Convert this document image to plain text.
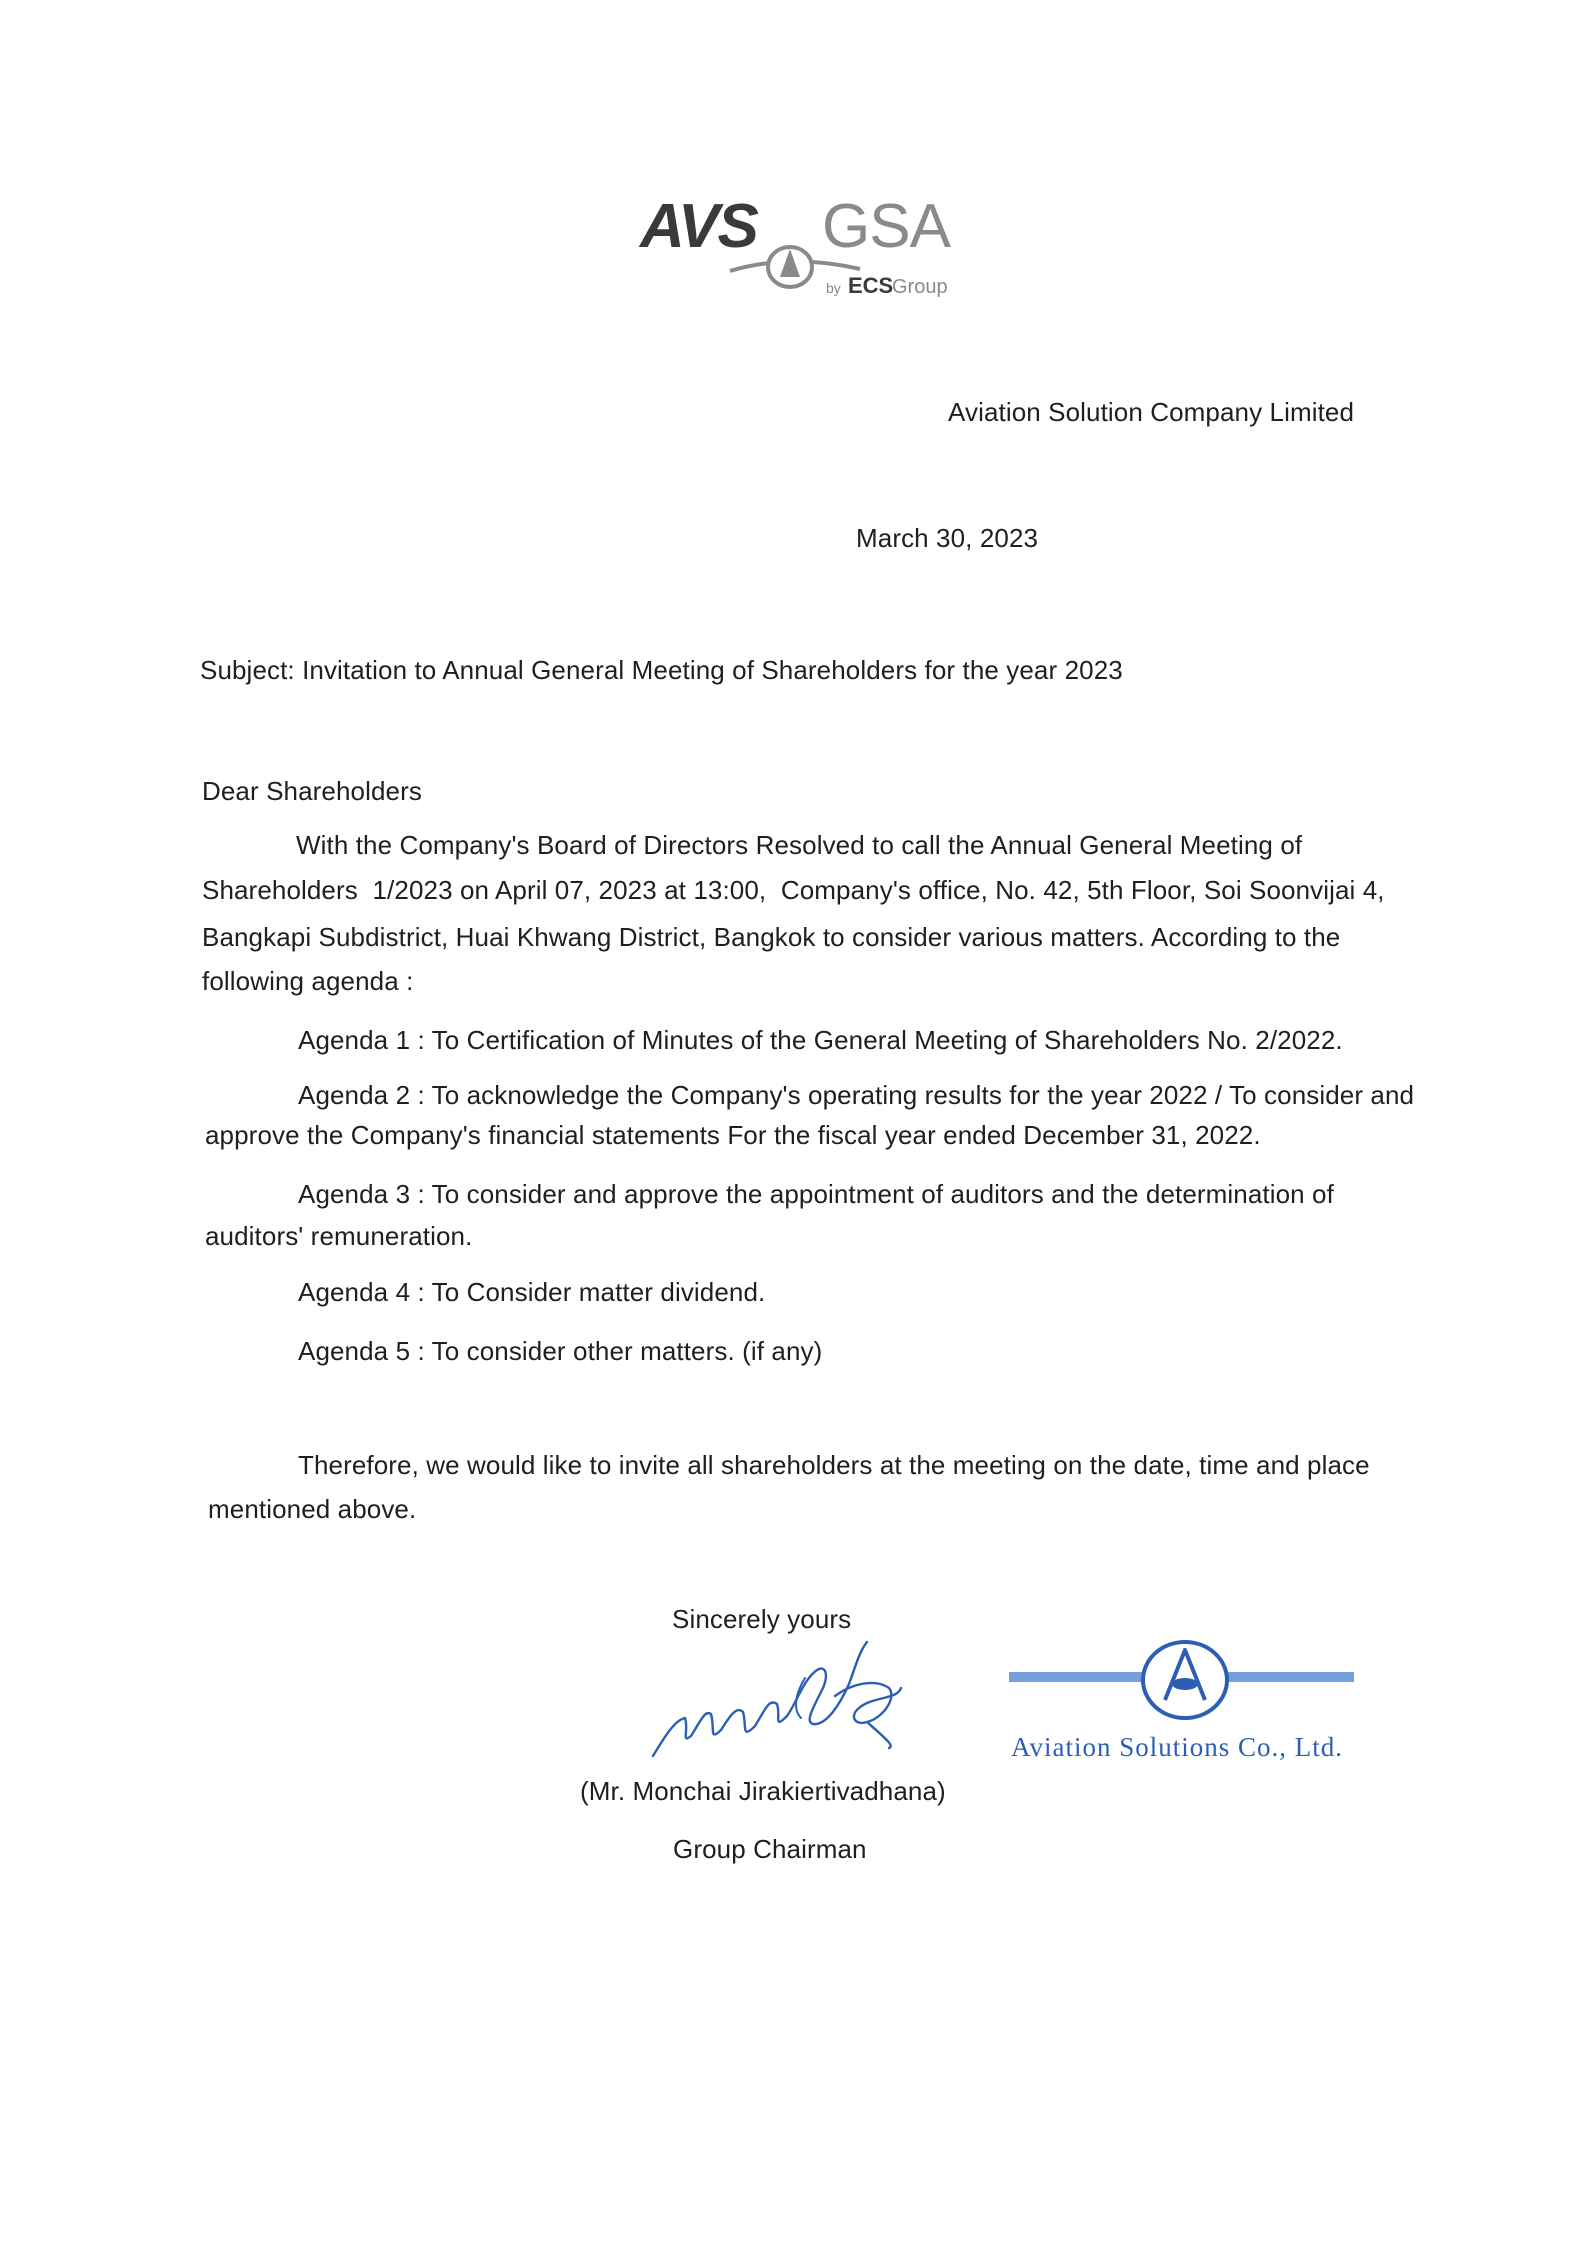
AVS GSA
by ECS
Group
Aviation Solution Company Limited
March 30, 2023
Subject: Invitation to Annual General Meeting of Shareholders for the year 2023
Dear Shareholders
With the Company's Board of Directors Resolved to call the Annual General Meeting of
Shareholders  1/2023 on April 07, 2023 at 13:00,  Company's office, No. 42, 5th Floor, Soi Soonvijai 4,
Bangkapi Subdistrict, Huai Khwang District, Bangkok to consider various matters. According to the
following agenda :
Agenda 1 : To Certification of Minutes of the General Meeting of Shareholders No. 2/2022.
Agenda 2 : To acknowledge the Company's operating results for the year 2022 / To consider and
approve the Company's financial statements For the fiscal year ended December 31, 2022.
Agenda 3 : To consider and approve the appointment of auditors and the determination of
auditors' remuneration.
Agenda 4 : To Consider matter dividend.
Agenda 5 : To consider other matters. (if any)
Therefore, we would like to invite all shareholders at the meeting on the date, time and place
mentioned above.
Sincerely yours
Aviation Solutions Co., Ltd.
(Mr. Monchai Jirakiertivadhana)
Group Chairman
